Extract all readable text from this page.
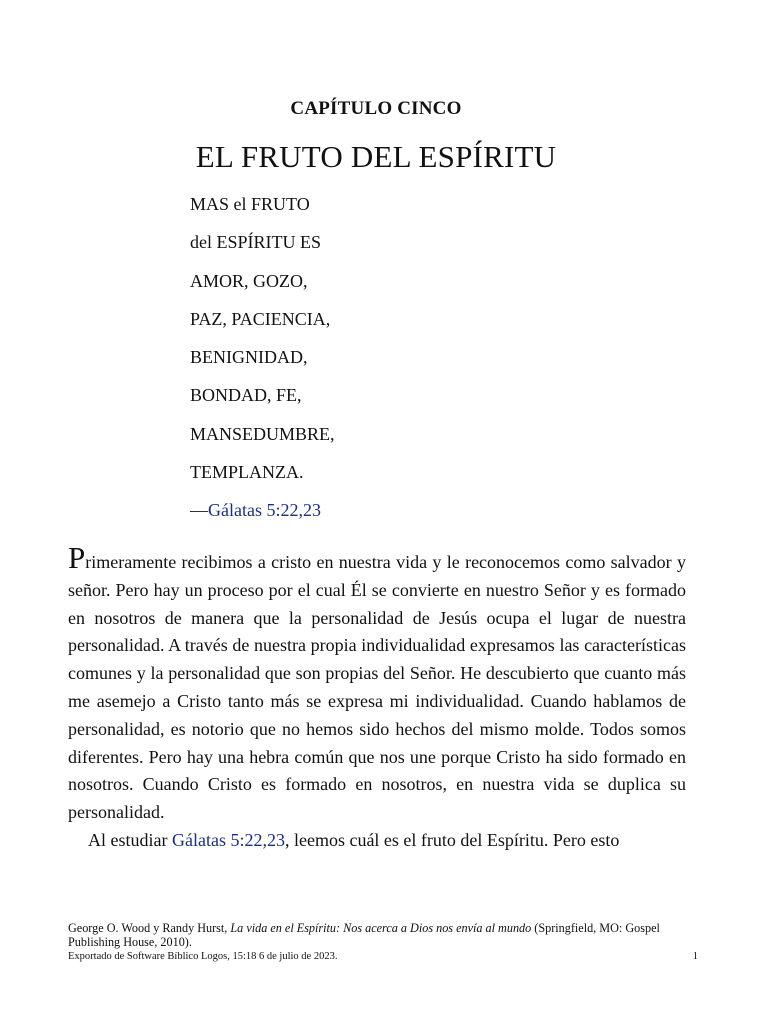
CAPÍTULO CINCO
EL FRUTO DEL ESPÍRITU
MAS el FRUTO
del ESPÍRITU ES
AMOR, GOZO,
PAZ, PACIENCIA,
BENIGNIDAD,
BONDAD, FE,
MANSEDUMBRE,
TEMPLANZA.
—Gálatas 5:22,23

Primeramente recibimos a cristo en nuestra vida y le reconocemos como salvador y señor. Pero hay un proceso por el cual Él se convierte en nuestro Señor y es formado en nosotros de manera que la personalidad de Jesús ocupa el lugar de nuestra personalidad. A través de nuestra propia individualidad expresamos las características comunes y la personalidad que son propias del Señor. He descubierto que cuanto más me asemejo a Cristo tanto más se expresa mi individualidad. Cuando hablamos de personalidad, es notorio que no hemos sido hechos del mismo molde. Todos somos diferentes. Pero hay una hebra común que nos une porque Cristo ha sido formado en nosotros. Cuando Cristo es formado en nosotros, en nuestra vida se duplica su personalidad.

Al estudiar Gálatas 5:22,23, leemos cuál es el fruto del Espíritu. Pero esto

George O. Wood y Randy Hurst, La vida en el Espíritu: Nos acerca a Dios nos envía al mundo (Springfield, MO: Gospel Publishing House, 2010).

Exportado de Software Bíblico Logos, 15:18 6 de julio de 2023.	1
